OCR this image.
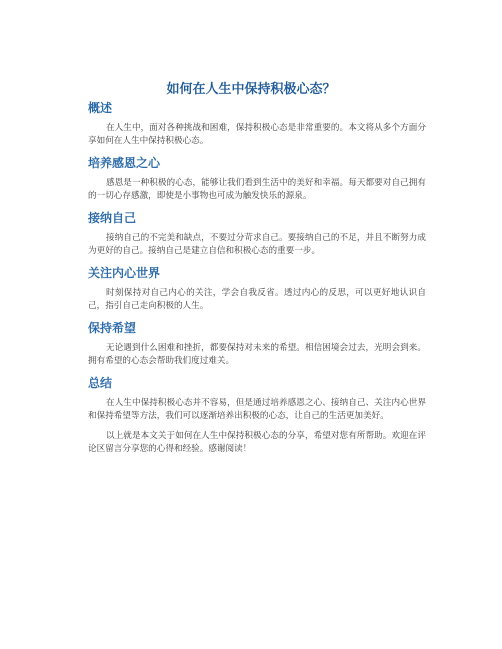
如何在人生中保持积极心态？
概述

在人生中，面对各种挑战和困难，保持积极心态是非常重要的。本文将从多个方面分享如何在人生中保持积极心态。

培养感恩之心

感恩是一种积极的心态，能够让我们看到生活中的美好和幸福。每天都要对自己拥有的一切心存感激，即使是小事物也可成为触发快乐的源泉。

接纳自己

接纳自己的不完美和缺点，不要过分苛求自己。要接纳自己的不足，并且不断努力成为更好的自己。接纳自己是建立自信和积极心态的重要一步。

关注内心世界

时刻保持对自己内心的关注，学会自我反省。透过内心的反思，可以更好地认识自己，指引自己走向积极的人生。

保持希望

无论遇到什么困难和挫折，都要保持对未来的希望。相信困境会过去，光明会到来。拥有希望的心态会帮助我们度过难关。

总结

在人生中保持积极心态并不容易，但是通过培养感恩之心、接纳自己、关注内心世界和保持希望等方法，我们可以逐渐培养出积极的心态，让自己的生活更加美好。

以上就是本文关于如何在人生中保持积极心态的分享，希望对您有所帮助。欢迎在评论区留言分享您的心得和经验。感谢阅读！
